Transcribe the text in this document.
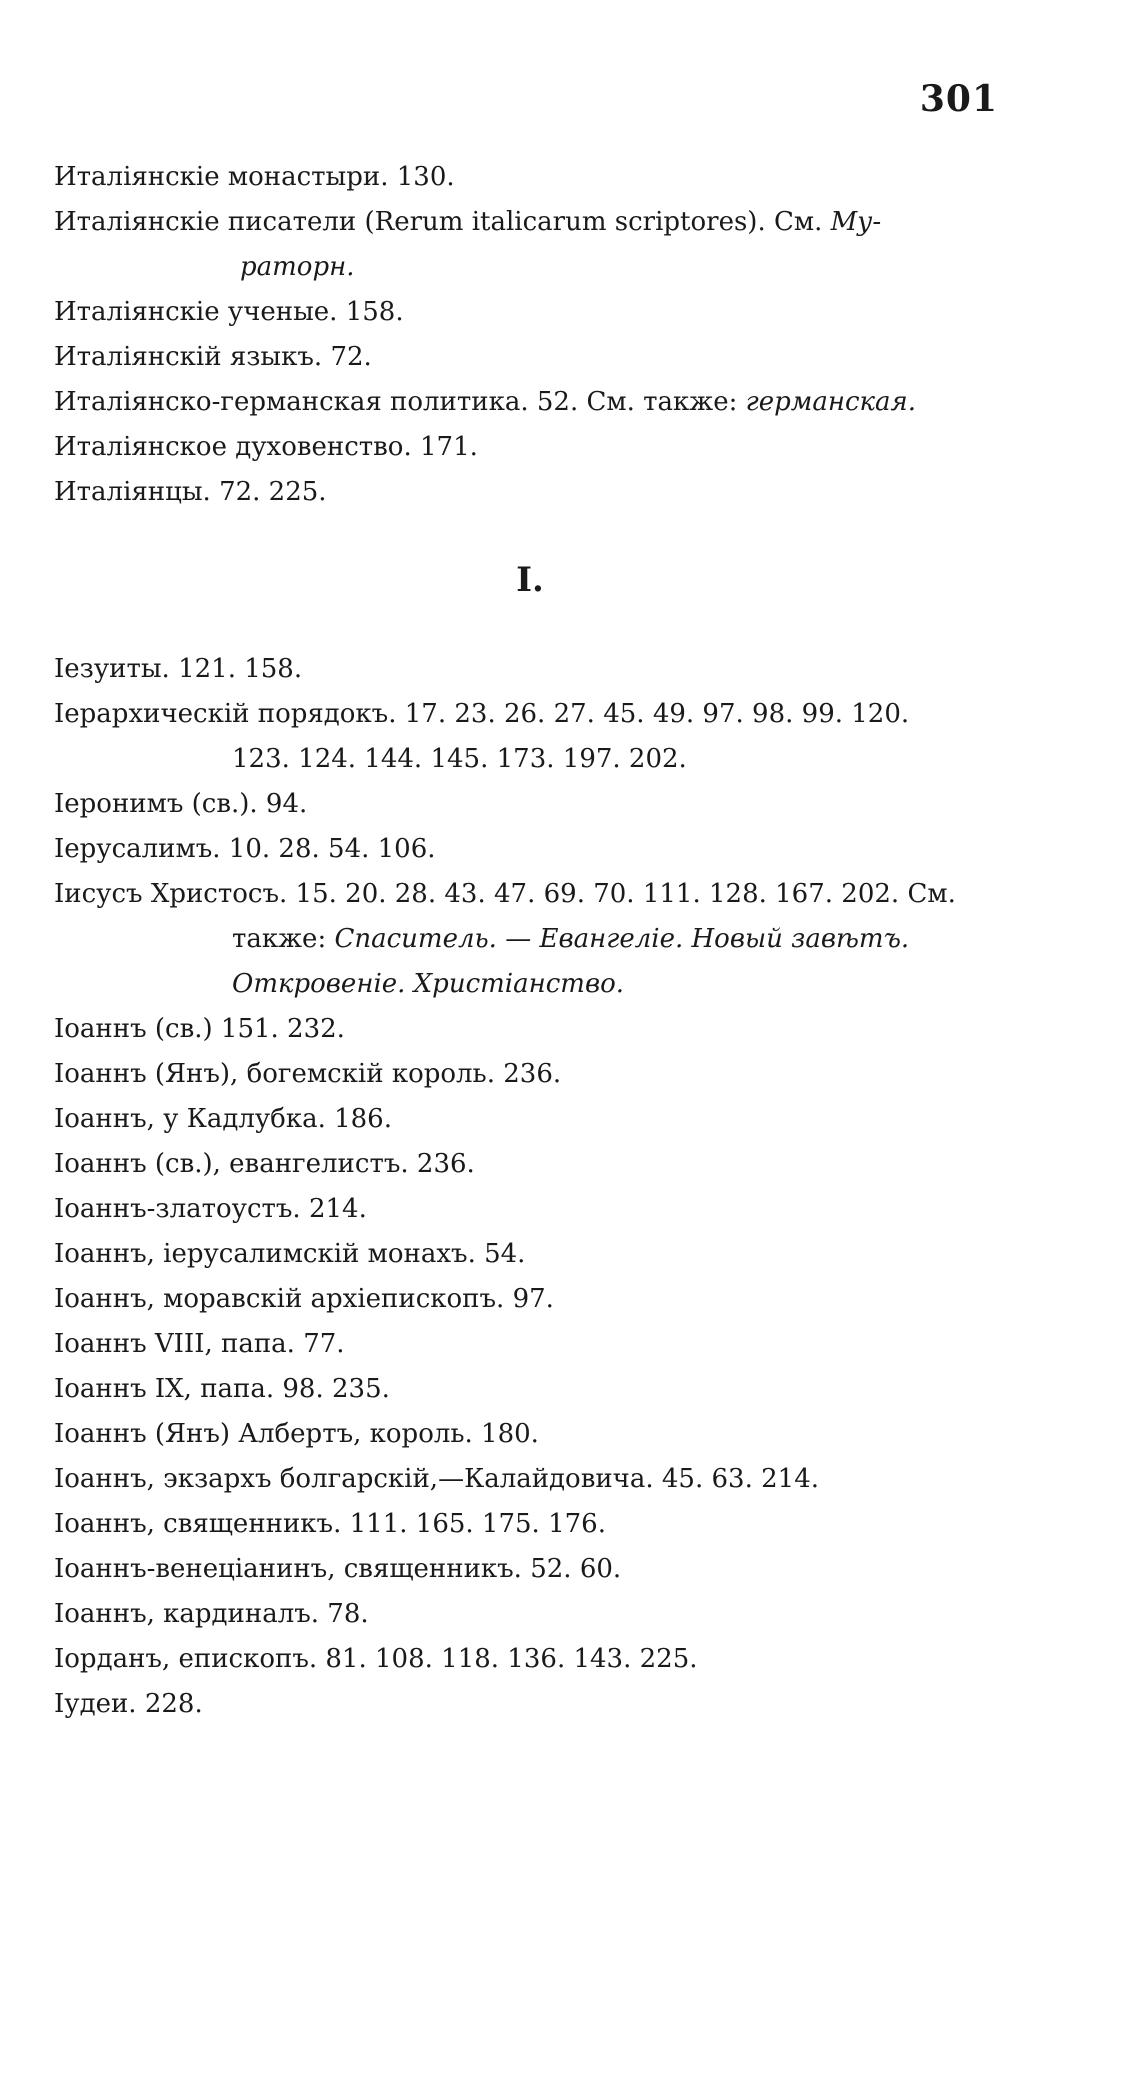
301
Италіянскіе монастыри. 130.
Италіянскіе писатели (Rerum italicarum scriptores). См. Му-
раторн.
Италіянскіе ученые. 158.
Италіянскій языкъ. 72.
Италіянско-германская политика. 52. См. также: германская.
Италіянское духовенство. 171.
Италіянцы. 72. 225.
I.
Iезуиты. 121. 158.
Iерархическій порядокъ. 17. 23. 26. 27. 45. 49. 97. 98. 99. 120.
123. 124. 144. 145. 173. 197. 202.
Iеронимъ (св.). 94.
Iерусалимъ. 10. 28. 54. 106.
Iисусъ Христосъ. 15. 20. 28. 43. 47. 69. 70. 111. 128. 167. 202. См.
также: Спаситель. — Евангеліе. Новый завѣтъ.
Откровеніе. Христіанство.
Iоаннъ (св.) 151. 232.
Iоаннъ (Янъ), богемскій король. 236.
Iоаннъ, у Кадлубка. 186.
Iоаннъ (св.), евангелистъ. 236.
Iоаннъ-златоустъ. 214.
Iоаннъ, іерусалимскій монахъ. 54.
Iоаннъ, моравскій архіепископъ. 97.
Iоаннъ VIII, папа. 77.
Iоаннъ IX, папа. 98. 235.
Iоаннъ (Янъ) Албертъ, король. 180.
Iоаннъ, экзархъ болгарскій,—Калайдовича. 45. 63. 214.
Iоаннъ, священникъ. 111. 165. 175. 176.
Iоаннъ-венеціанинъ, священникъ. 52. 60.
Iоаннъ, кардиналъ. 78.
Iорданъ, епископъ. 81. 108. 118. 136. 143. 225.
Iудеи. 228.
